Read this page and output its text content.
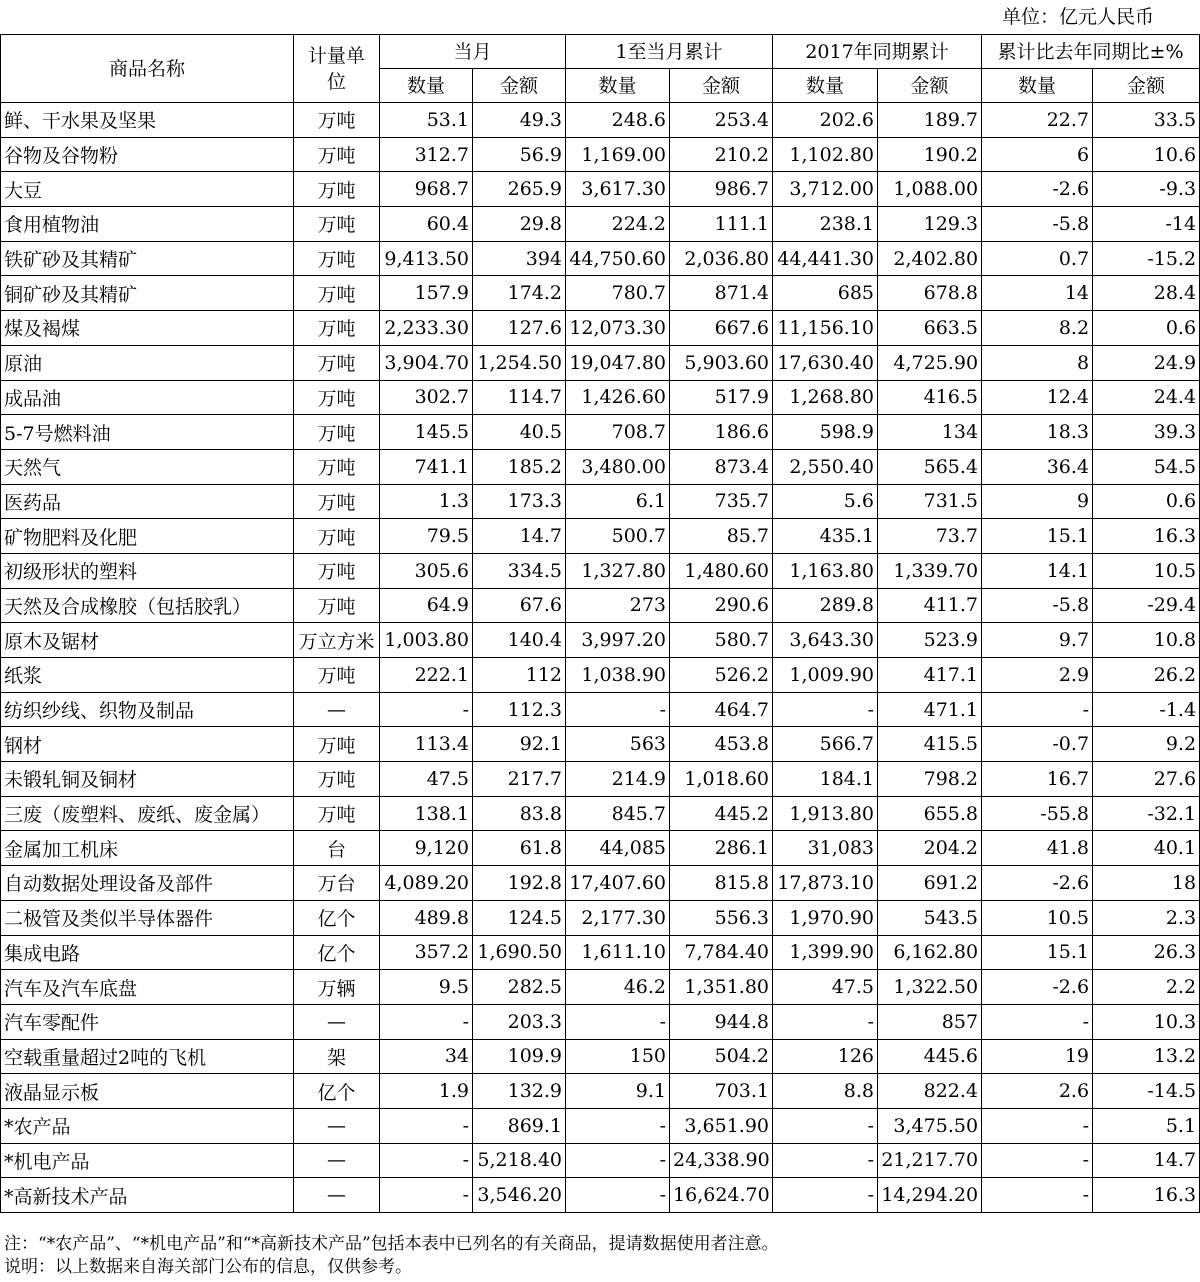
单位：亿元人民币
商品名称	计量单位	当月		1至当月累计		2017年同期累计		累计比去年同期比±%	
		数量	金额	数量	金额	数量	金额	数量	金额
鲜、干水果及坚果	万吨	53.1	49.3	248.6	253.4	202.6	189.7	22.7	33.5
谷物及谷物粉	万吨	312.7	56.9	1,169.00	210.2	1,102.80	190.2	6	10.6
大豆	万吨	968.7	265.9	3,617.30	986.7	3,712.00	1,088.00	-2.6	-9.3
食用植物油	万吨	60.4	29.8	224.2	111.1	238.1	129.3	-5.8	-14
铁矿砂及其精矿	万吨	9,413.50	394	44,750.60	2,036.80	44,441.30	2,402.80	0.7	-15.2
铜矿砂及其精矿	万吨	157.9	174.2	780.7	871.4	685	678.8	14	28.4
煤及褐煤	万吨	2,233.30	127.6	12,073.30	667.6	11,156.10	663.5	8.2	0.6
原油	万吨	3,904.70	1,254.50	19,047.80	5,903.60	17,630.40	4,725.90	8	24.9
成品油	万吨	302.7	114.7	1,426.60	517.9	1,268.80	416.5	12.4	24.4
5-7号燃料油	万吨	145.5	40.5	708.7	186.6	598.9	134	18.3	39.3
天然气	万吨	741.1	185.2	3,480.00	873.4	2,550.40	565.4	36.4	54.5
医药品	万吨	1.3	173.3	6.1	735.7	5.6	731.5	9	0.6
矿物肥料及化肥	万吨	79.5	14.7	500.7	85.7	435.1	73.7	15.1	16.3
初级形状的塑料	万吨	305.6	334.5	1,327.80	1,480.60	1,163.80	1,339.70	14.1	10.5
天然及合成橡胶（包括胶乳）	万吨	64.9	67.6	273	290.6	289.8	411.7	-5.8	-29.4
原木及锯材	万立方米	1,003.80	140.4	3,997.20	580.7	3,643.30	523.9	9.7	10.8
纸浆	万吨	222.1	112	1,038.90	526.2	1,009.90	417.1	2.9	26.2
纺织纱线、织物及制品	—	-	112.3	-	464.7	-	471.1	-	-1.4
钢材	万吨	113.4	92.1	563	453.8	566.7	415.5	-0.7	9.2
未锻轧铜及铜材	万吨	47.5	217.7	214.9	1,018.60	184.1	798.2	16.7	27.6
三废（废塑料、废纸、废金属）	万吨	138.1	83.8	845.7	445.2	1,913.80	655.8	-55.8	-32.1
金属加工机床	台	9,120	61.8	44,085	286.1	31,083	204.2	41.8	40.1
自动数据处理设备及部件	万台	4,089.20	192.8	17,407.60	815.8	17,873.10	691.2	-2.6	18
二极管及类似半导体器件	亿个	489.8	124.5	2,177.30	556.3	1,970.90	543.5	10.5	2.3
集成电路	亿个	357.2	1,690.50	1,611.10	7,784.40	1,399.90	6,162.80	15.1	26.3
汽车及汽车底盘	万辆	9.5	282.5	46.2	1,351.80	47.5	1,322.50	-2.6	2.2
汽车零配件	—	-	203.3	-	944.8	-	857	-	10.3
空载重量超过2吨的飞机	架	34	109.9	150	504.2	126	445.6	19	13.2
液晶显示板	亿个	1.9	132.9	9.1	703.1	8.8	822.4	2.6	-14.5
*农产品	—	-	869.1	-	3,651.90	-	3,475.50	-	5.1
*机电产品	—	-	5,218.40	-	24,338.90	-	21,217.70	-	14.7
*高新技术产品	—	-	3,546.20	-	16,624.70	-	14,294.20	-	16.3
注：“*农产品”、“*机电产品”和“*高新技术产品”包括本表中已列名的有关商品，提请数据使用者注意。
说明：以上数据来自海关部门公布的信息，仅供参考。
